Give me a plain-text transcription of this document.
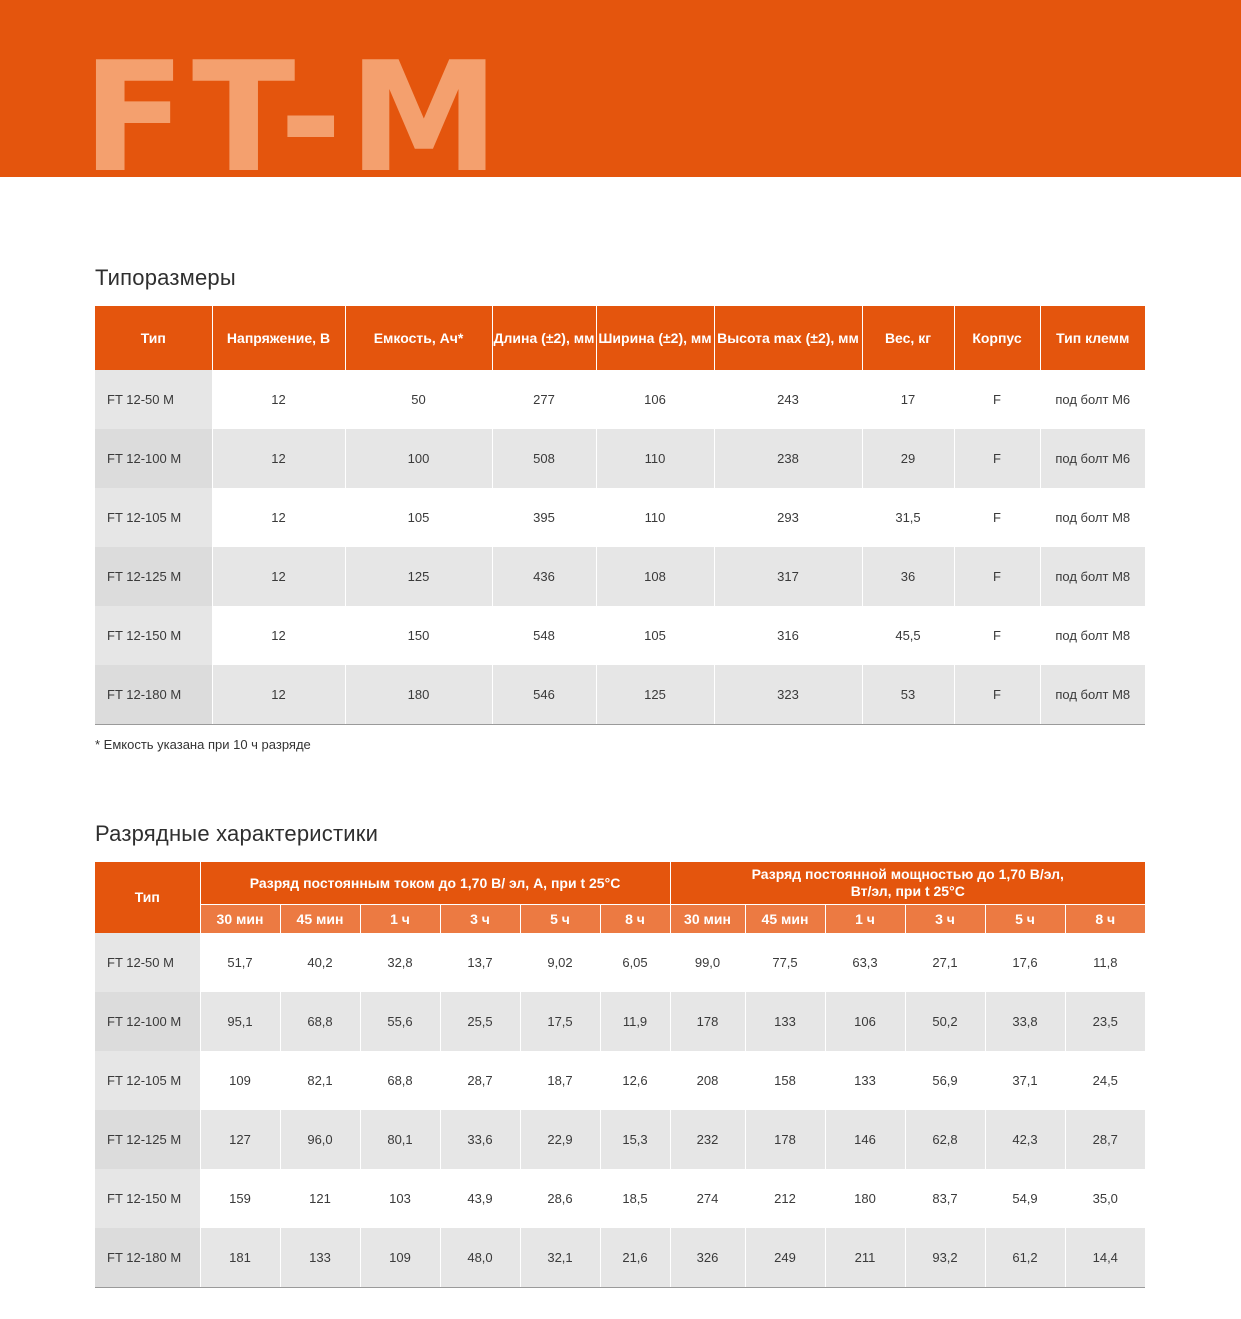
FT-M
Типоразмеры
Тип	Напряжение, В	Емкость, Ач*	Длина (±2), мм	Ширина (±2), мм	Высота max (±2), мм	Вес, кг	Корпус	Тип клемм
FT 12-50 M	12	50	277	106	243	17	F	под болт M6
FT 12-100 M	12	100	508	110	238	29	F	под болт M6
FT 12-105 M	12	105	395	110	293	31,5	F	под болт M8
FT 12-125 M	12	125	436	108	317	36	F	под болт M8
FT 12-150 M	12	150	548	105	316	45,5	F	под болт M8
FT 12-180 M	12	180	546	125	323	53	F	под болт M8
* Емкость указана при 10 ч разряде
Разрядные характеристики
Тип	Разряд постоянным током до 1,70 В/ эл, А, при t 25°C						Разряд постоянной мощностью до 1,70 В/эл, Вт/эл, при t 25°C					
	30 мин	45 мин	1 ч	3 ч	5 ч	8 ч	30 мин	45 мин	1 ч	3 ч	5 ч	8 ч
FT 12-50 M	51,7	40,2	32,8	13,7	9,02	6,05	99,0	77,5	63,3	27,1	17,6	11,8
FT 12-100 M	95,1	68,8	55,6	25,5	17,5	11,9	178	133	106	50,2	33,8	23,5
FT 12-105 M	109	82,1	68,8	28,7	18,7	12,6	208	158	133	56,9	37,1	24,5
FT 12-125 M	127	96,0	80,1	33,6	22,9	15,3	232	178	146	62,8	42,3	28,7
FT 12-150 M	159	121	103	43,9	28,6	18,5	274	212	180	83,7	54,9	35,0
FT 12-180 M	181	133	109	48,0	32,1	21,6	326	249	211	93,2	61,2	14,4
